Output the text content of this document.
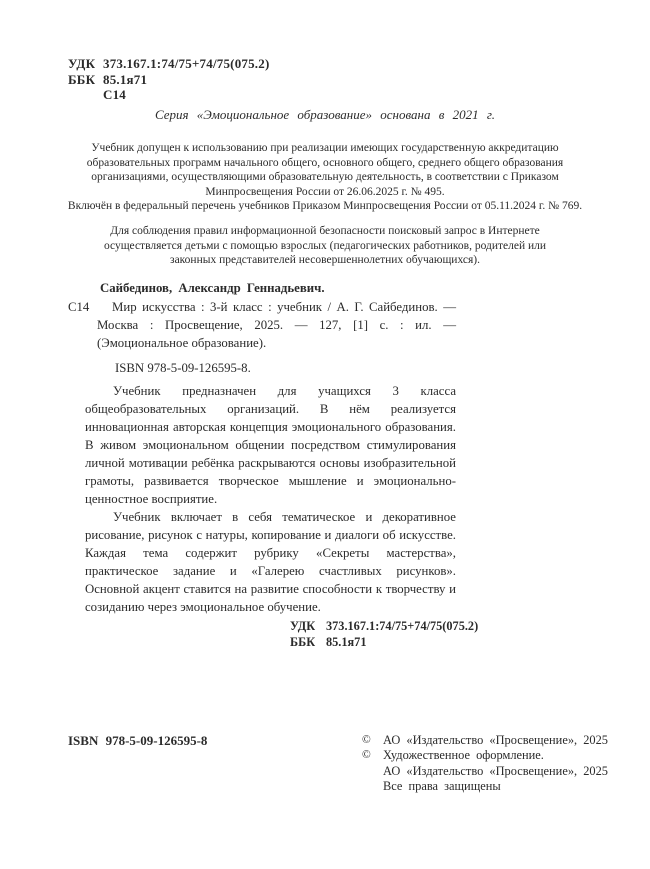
УДК 373.167.1:74/75+74/75(075.2)
ББК 85.1я71
С14
Серия «Эмоциональное образование» основана в 2021 г.

Учебник допущен к использованию при реализации имеющих государственную аккредитацию образовательных программ начального общего, основного общего, среднего общего образования организациями, осуществляющими образовательную деятельность, в соответствии с Приказом Минпросвещения России от 26.06.2025 г. № 495.

Включён в федеральный перечень учебников Приказом Минпросвещения России от 05.11.2024 г. № 769.

Для соблюдения правил информационной безопасности поисковый запрос в Интернете осуществляется детьми с помощью взрослых (педагогических работников, родителей или законных представителей несовершеннолетних обучающихся).

Сайбединов, Александр Геннадьевич.
С14	Мир искусства : 3-й класс : учебник / А. Г. Сайбединов. — Москва : Просвещение, 2025. — 127, [1] с. : ил. — (Эмоциональное образование).

ISBN 978-5-09-126595-8.

Учебник предназначен для учащихся 3 класса общеобразовательных организаций. В нём реализуется инновационная авторская концепция эмоционального образования. В живом эмоциональном общении посредством стимулирования личной мотивации ребёнка раскрываются основы изобразительной грамоты, развивается творческое мышление и эмоционально-ценностное восприятие.

Учебник включает в себя тематическое и декоративное рисование, рисунок с натуры, копирование и диалоги об искусстве. Каждая тема содержит рубрику «Секреты мастерства», практическое задание и «Галерею счастливых рисунков». Основной акцент ставится на развитие способности к творчеству и созиданию через эмоциональное обучение.

УДК 373.167.1:74/75+74/75(075.2)
ББК 85.1я71
ISBN 978-5-09-126595-8	© АО «Издательство «Просвещение», 2025
© Художественное оформление.
АО «Издательство «Просвещение», 2025
Все права защищены
